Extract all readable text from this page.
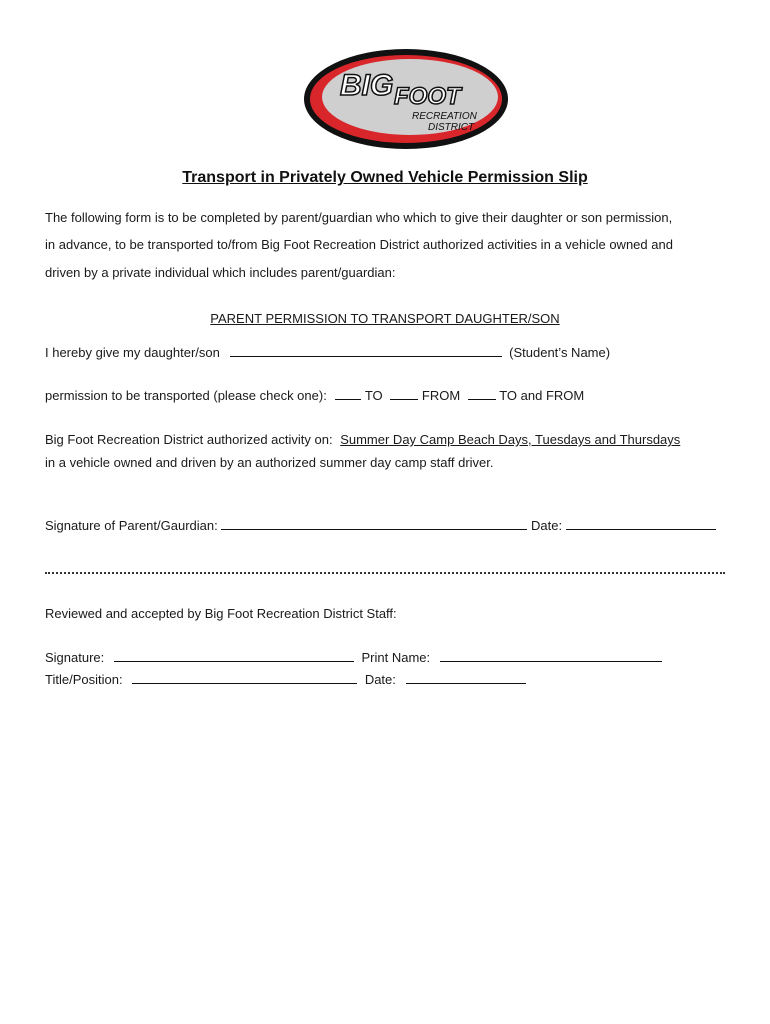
BIG FOOT
RECREATION
DISTRICT
Transport in Privately Owned Vehicle Permission Slip
The following form is to be completed by parent/guardian who which to give their daughter or son permission,
in advance, to be transported to/from Big Foot Recreation District authorized activities in a vehicle owned and
driven by a private individual which includes parent/guardian:
PARENT PERMISSION TO TRANSPORT DAUGHTER/SON
I hereby give my daughter/son	(Student’s Name)
permission to be transported (please check one):	TO	FROM	TO and FROM
Big Foot Recreation District authorized activity on: Summer Day Camp Beach Days, Tuesdays and Thursdays
in a vehicle owned and driven by an authorized summer day camp staff driver.
Signature of Parent/Gaurdian:	Date:
Reviewed and accepted by Big Foot Recreation District Staff:
Signature:	Print Name:
Title/Position:	Date:
